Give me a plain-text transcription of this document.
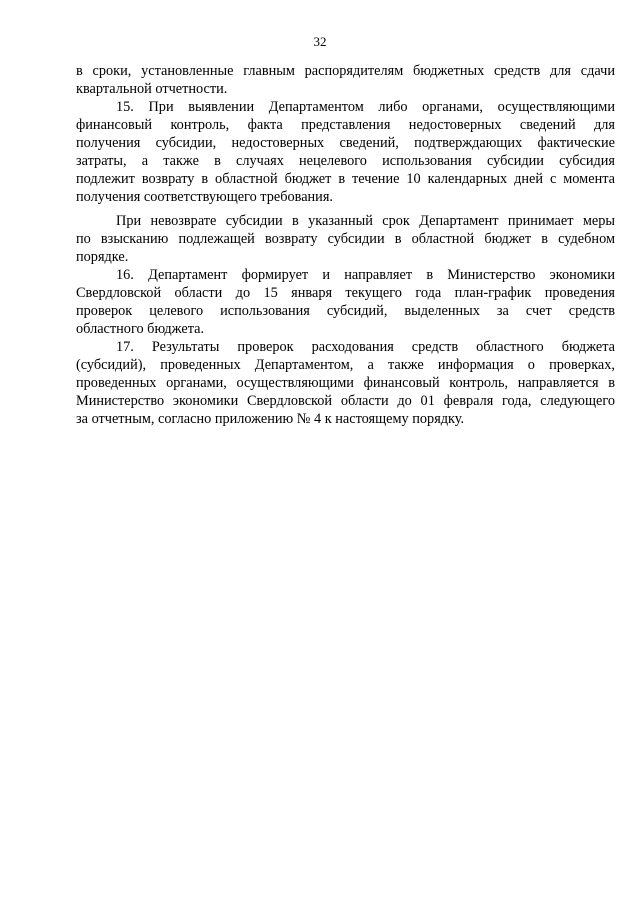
32
в сроки, установленные главным распорядителям бюджетных средств для сдачи
квартальной отчетности.
15. При выявлении Департаментом либо органами, осуществляющими
финансовый контроль, факта представления недостоверных сведений для
получения субсидии, недостоверных сведений, подтверждающих фактические
затраты, а также в случаях нецелевого использования субсидии субсидия
подлежит возврату в областной бюджет в течение 10 календарных дней с момента
получения соответствующего требования.
При невозврате субсидии в указанный срок Департамент принимает меры
по взысканию подлежащей возврату субсидии в областной бюджет в судебном
порядке.
16. Департамент формирует и направляет в Министерство экономики
Свердловской области до 15 января текущего года план-график проведения
проверок целевого использования субсидий, выделенных за счет средств
областного бюджета.
17. Результаты проверок расходования средств областного бюджета
(субсидий), проведенных Департаментом, а также информация о проверках,
проведенных органами, осуществляющими финансовый контроль, направляется в
Министерство экономики Свердловской области до 01 февраля года, следующего
за отчетным, согласно приложению № 4 к настоящему порядку.
